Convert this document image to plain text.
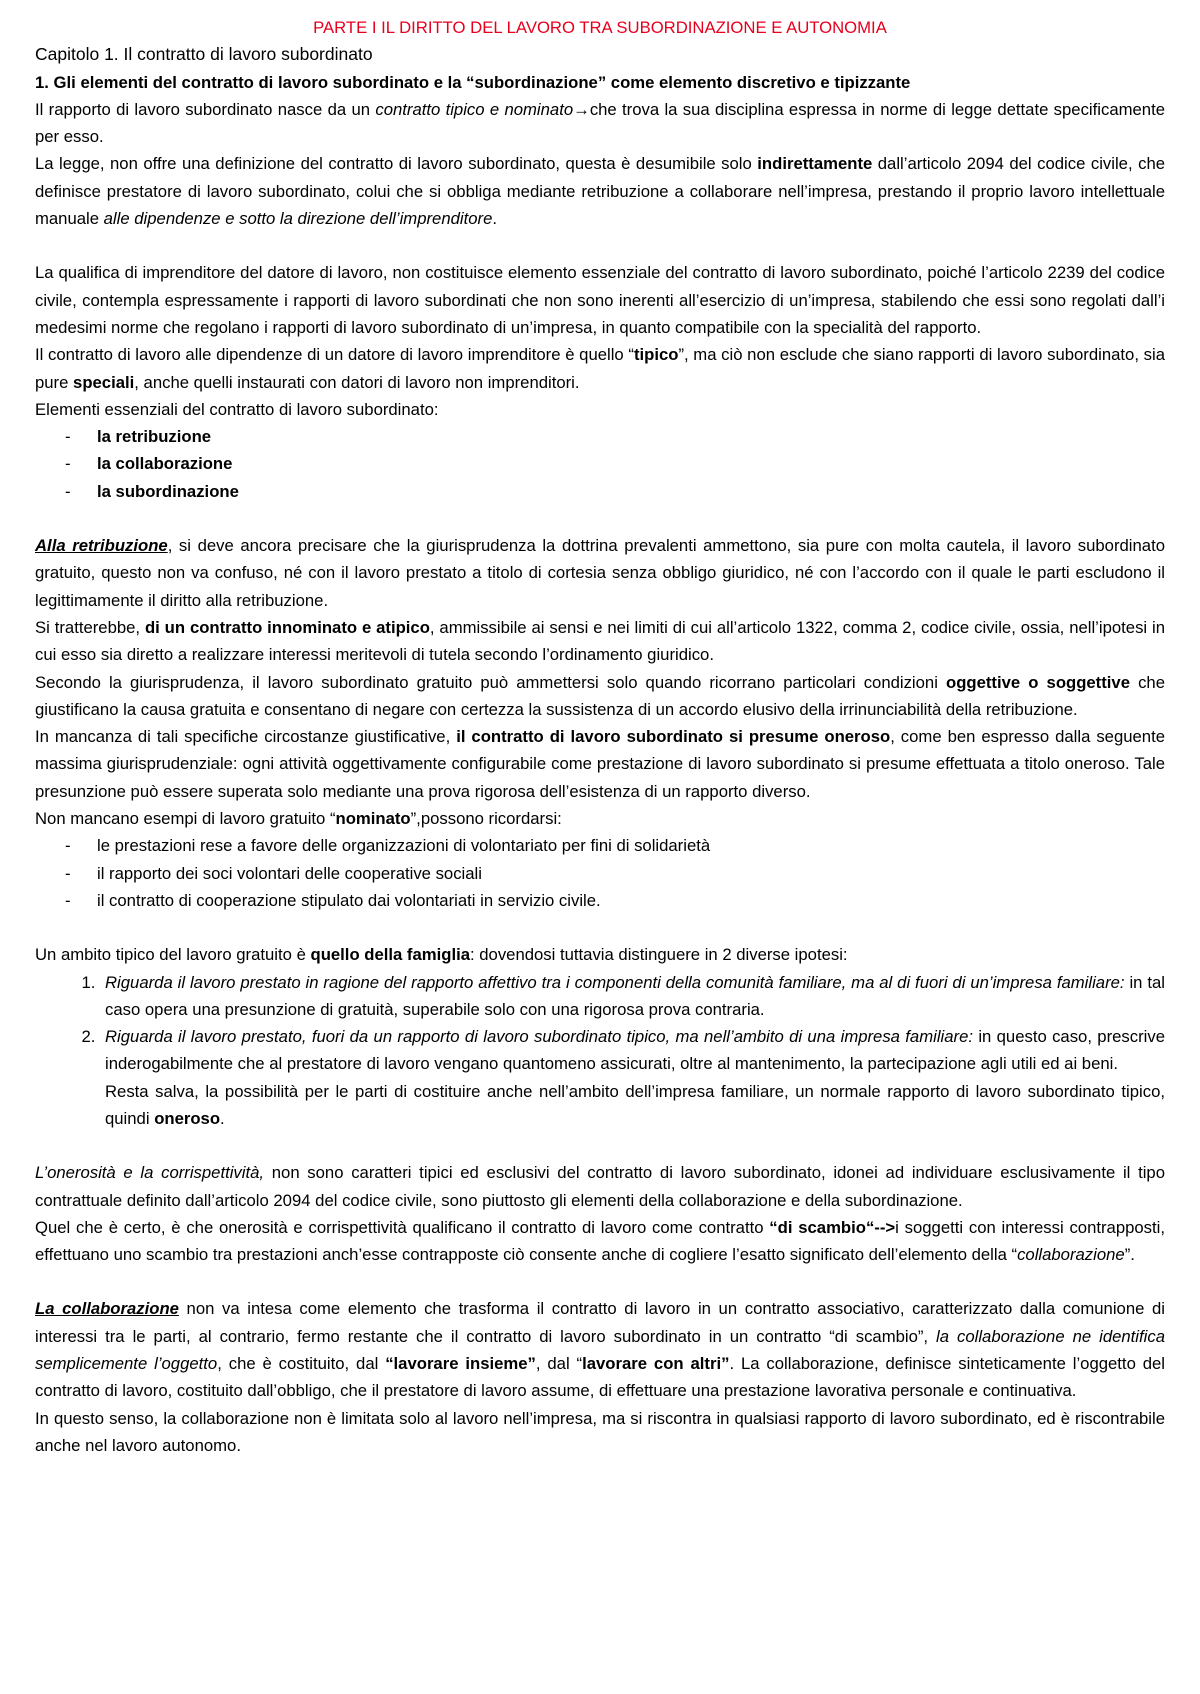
PARTE I IL DIRITTO DEL LAVORO TRA SUBORDINAZIONE E AUTONOMIA
Capitolo 1. Il contratto di lavoro subordinato
1. Gli elementi del contratto di lavoro subordinato e la “subordinazione” come elemento discretivo e tipizzante

Il rapporto di lavoro subordinato nasce da un contratto tipico e nominato→che trova la sua disciplina espressa in norme di legge dettate specificamente per esso.

La legge, non offre una definizione del contratto di lavoro subordinato, questa è desumibile solo indirettamente dall’articolo 2094 del codice civile, che definisce prestatore di lavoro subordinato, colui che si obbliga mediante retribuzione a collaborare nell’impresa, prestando il proprio lavoro intellettuale manuale alle dipendenze e sotto la direzione dell’imprenditore.

La qualifica di imprenditore del datore di lavoro, non costituisce elemento essenziale del contratto di lavoro subordinato, poiché l’articolo 2239 del codice civile, contempla espressamente i rapporti di lavoro subordinati che non sono inerenti all’esercizio di un’impresa, stabilendo che essi sono regolati dall’i medesimi norme che regolano i rapporti di lavoro subordinato di un’impresa, in quanto compatibile con la specialità del rapporto.

Il contratto di lavoro alle dipendenze di un datore di lavoro imprenditore è quello “tipico”, ma ciò non esclude che siano rapporti di lavoro subordinato, sia pure speciali, anche quelli instaurati con datori di lavoro non imprenditori.

Elementi essenziali del contratto di lavoro subordinato:

- la retribuzione
- la collaborazione
- la subordinazione

Alla retribuzione, si deve ancora precisare che la giurisprudenza la dottrina prevalenti ammettono, sia pure con molta cautela, il lavoro subordinato gratuito, questo non va confuso, né con il lavoro prestato a titolo di cortesia senza obbligo giuridico, né con l’accordo con il quale le parti escludono il legittimamente il diritto alla retribuzione.

Si tratterebbe, di un contratto innominato e atipico, ammissibile ai sensi e nei limiti di cui all’articolo 1322, comma 2, codice civile, ossia, nell’ipotesi in cui esso sia diretto a realizzare interessi meritevoli di tutela secondo l’ordinamento giuridico.

Secondo la giurisprudenza, il lavoro subordinato gratuito può ammettersi solo quando ricorrano particolari condizioni oggettive o soggettive che giustificano la causa gratuita e consentano di negare con certezza la sussistenza di un accordo elusivo della irrinunciabilità della retribuzione.

In mancanza di tali specifiche circostanze giustificative, il contratto di lavoro subordinato si presume oneroso, come ben espresso dalla seguente massima giurisprudenziale: ogni attività oggettivamente configurabile come prestazione di lavoro subordinato si presume effettuata a titolo oneroso. Tale presunzione può essere superata solo mediante una prova rigorosa dell’esistenza di un rapporto diverso.

Non mancano esempi di lavoro gratuito “nominato”,possono ricordarsi:

- le prestazioni rese a favore delle organizzazioni di volontariato per fini di solidarietà
- il rapporto dei soci volontari delle cooperative sociali
- il contratto di cooperazione stipulato dai volontariati in servizio civile.

Un ambito tipico del lavoro gratuito è quello della famiglia: dovendosi tuttavia distinguere in 2 diverse ipotesi:

1. Riguarda il lavoro prestato in ragione del rapporto affettivo tra i componenti della comunità familiare, ma al di fuori di un’impresa familiare: in tal caso opera una presunzione di gratuità, superabile solo con una rigorosa prova contraria.
2. Riguarda il lavoro prestato, fuori da un rapporto di lavoro subordinato tipico, ma nell’ambito di una impresa familiare: in questo caso, prescrive inderogabilmente che al prestatore di lavoro vengano quantomeno assicurati, oltre al mantenimento, la partecipazione agli utili ed ai beni.

Resta salva, la possibilità per le parti di costituire anche nell’ambito dell’impresa familiare, un normale rapporto di lavoro subordinato tipico, quindi oneroso.

L’onerosità e la corrispettività, non sono caratteri tipici ed esclusivi del contratto di lavoro subordinato, idonei ad individuare esclusivamente il tipo contrattuale definito dall’articolo 2094 del codice civile, sono piuttosto gli elementi della collaborazione e della subordinazione.

Quel che è certo, è che onerosità e corrispettività qualificano il contratto di lavoro come contratto “di scambio“-->i soggetti con interessi contrapposti, effettuano uno scambio tra prestazioni anch’esse contrapposte ciò consente anche di cogliere l’esatto significato dell’elemento della “collaborazione”.

La collaborazione non va intesa come elemento che trasforma il contratto di lavoro in un contratto associativo, caratterizzato dalla comunione di interessi tra le parti, al contrario, fermo restante che il contratto di lavoro subordinato in un contratto “di scambio”, la collaborazione ne identifica semplicemente l’oggetto, che è costituito, dal “lavorare insieme”, dal “lavorare con altri”. La collaborazione, definisce sinteticamente l’oggetto del contratto di lavoro, costituito dall’obbligo, che il prestatore di lavoro assume, di effettuare una prestazione lavorativa personale e continuativa.

In questo senso, la collaborazione non è limitata solo al lavoro nell’impresa, ma si riscontra in qualsiasi rapporto di lavoro subordinato, ed è riscontrabile anche nel lavoro autonomo.
